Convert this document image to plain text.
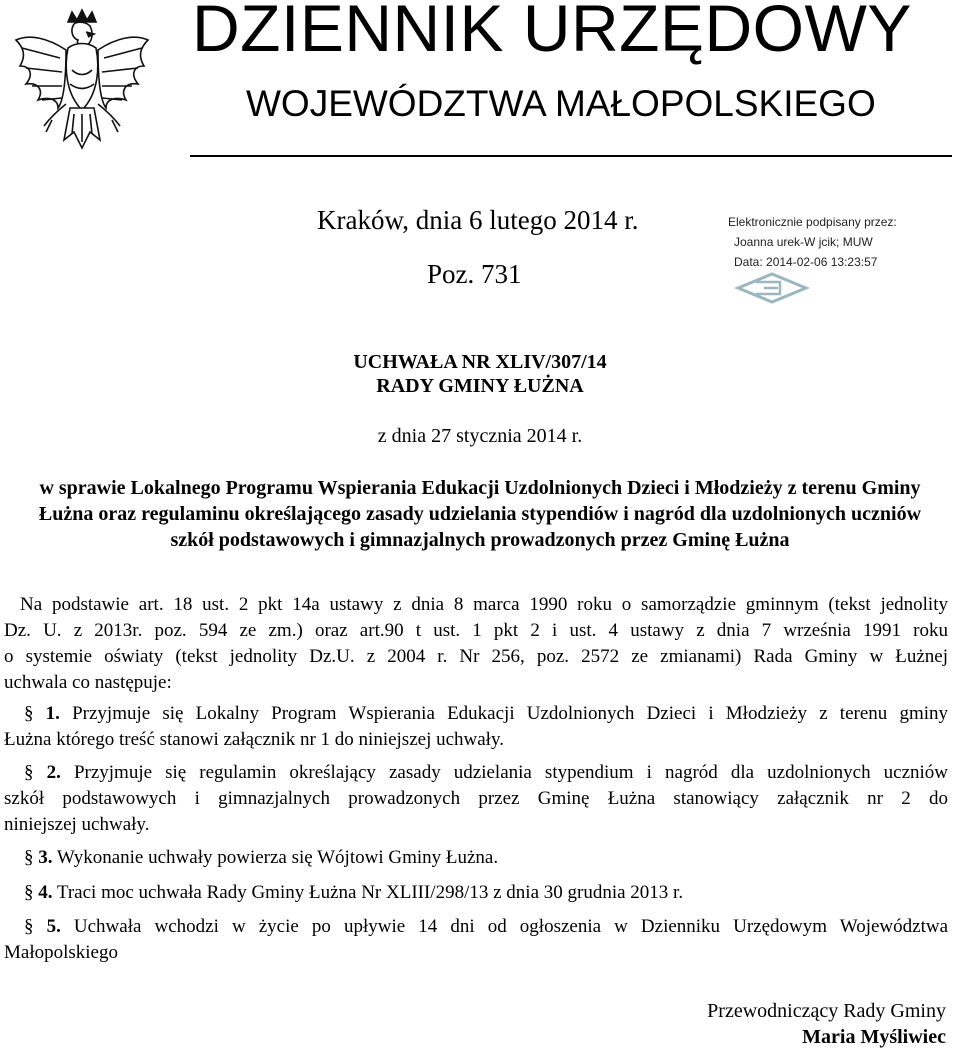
DZIENNIK URZĘDOWY
WOJEWÓDZTWA MAŁOPOLSKIEGO
Kraków, dnia 6 lutego 2014 r.
Poz. 731
Elektronicznie podpisany przez:
Joanna urek-W jcik; MUW
Data: 2014-02-06 13:23:57
UCHWAŁA NR XLIV/307/14
RADY GMINY ŁUŻNA
z dnia 27 stycznia 2014 r.
w sprawie Lokalnego Programu Wspierania Edukacji Uzdolnionych Dzieci i Młodzieży z terenu Gminy
Łużna oraz regulaminu określającego zasady udzielania stypendiów i nagród dla uzdolnionych uczniów
szkół podstawowych i gimnazjalnych prowadzonych przez Gminę Łużna
Na podstawie art. 18 ust. 2 pkt 14a ustawy z dnia 8 marca 1990 roku o samorządzie gminnym (tekst jednolity
Dz. U. z 2013r. poz. 594 ze zm.) oraz art.90 t ust. 1 pkt 2 i ust. 4 ustawy z dnia 7 września 1991 roku
o systemie oświaty (tekst jednolity Dz.U. z 2004 r. Nr 256, poz. 2572 ze zmianami) Rada Gminy w Łużnej
uchwala co następuje:
§ 1. Przyjmuje się Lokalny Program Wspierania Edukacji Uzdolnionych Dzieci i Młodzieży z terenu gminy
Łużna którego treść stanowi załącznik nr 1 do niniejszej uchwały.
§ 2. Przyjmuje się regulamin określający zasady udzielania stypendium i nagród dla uzdolnionych uczniów
szkół podstawowych i gimnazjalnych prowadzonych przez Gminę Łużna stanowiący załącznik nr 2 do
niniejszej uchwały.
§ 3. Wykonanie uchwały powierza się Wójtowi Gminy Łużna.
§ 4. Traci moc uchwała Rady Gminy Łużna Nr XLIII/298/13 z dnia 30 grudnia 2013 r.
§ 5. Uchwała wchodzi w życie po upływie 14 dni od ogłoszenia w Dzienniku Urzędowym Województwa
Małopolskiego
Przewodniczący Rady Gminy
Maria Myśliwiec
